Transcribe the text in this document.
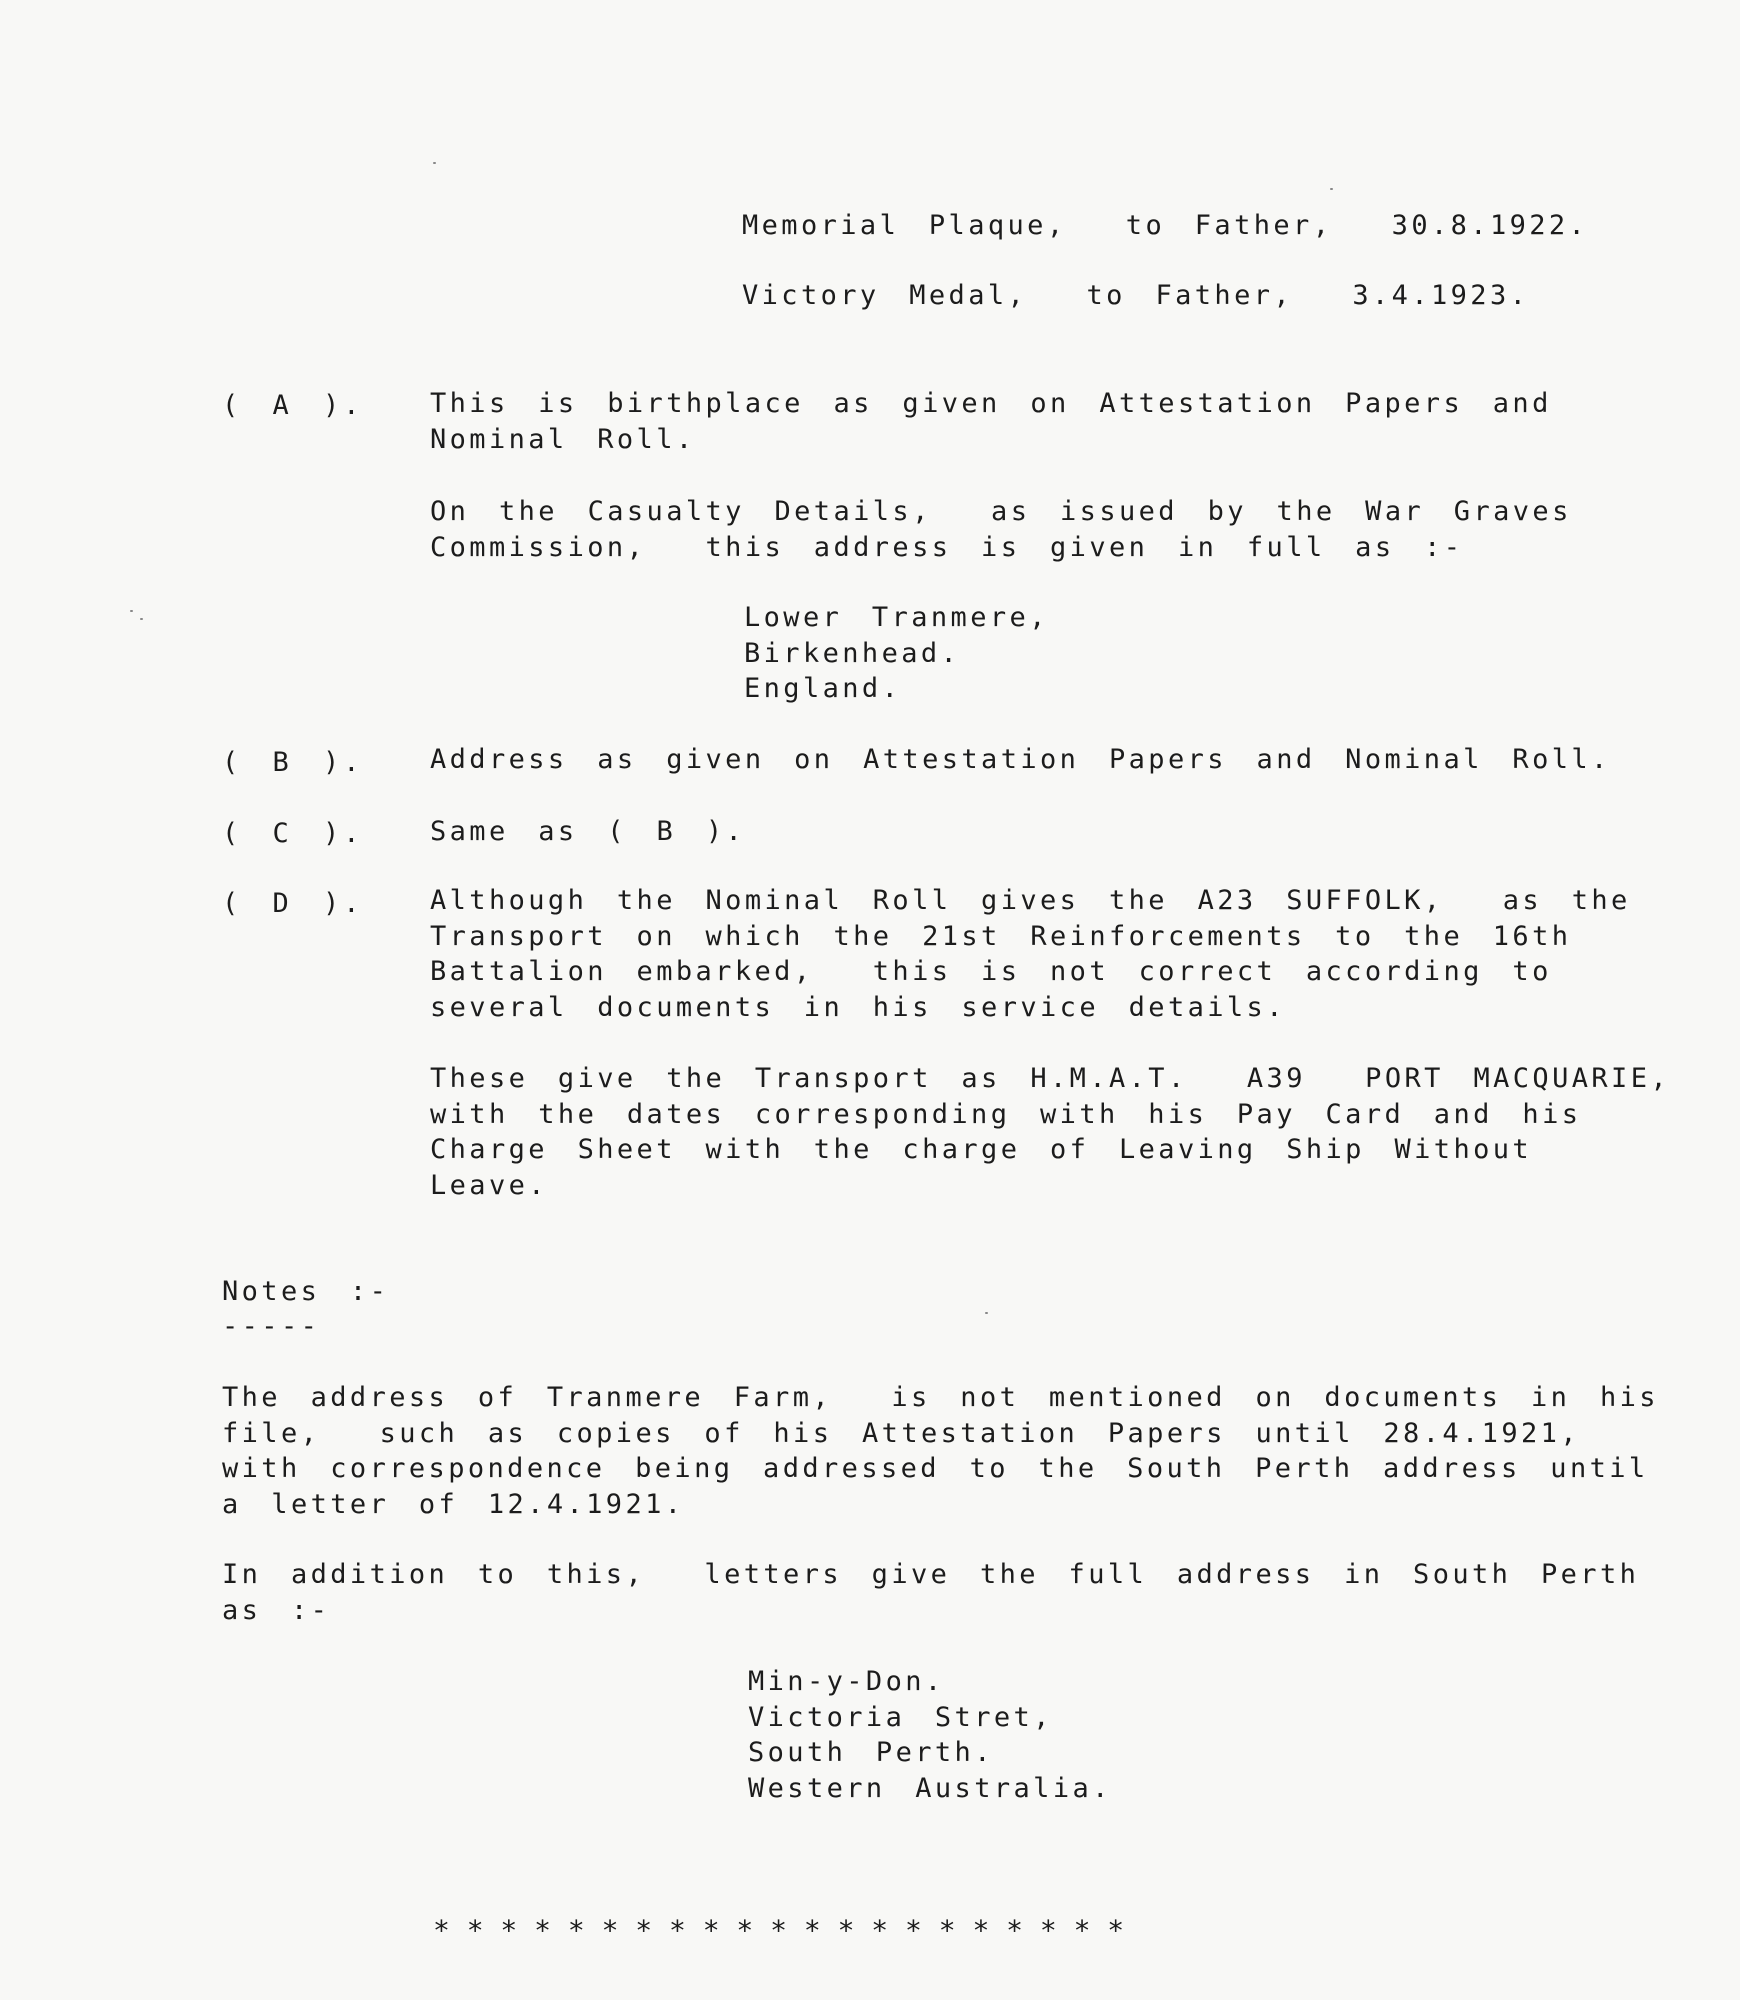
Memorial Plaque,  to Father,  30.8.1922.
Victory Medal,  to Father,  3.4.1923.
( A ). This is birthplace as given on Attestation Papers and
Nominal Roll.
On the Casualty Details,  as issued by the War Graves
Commission,  this address is given in full as :-
Lower Tranmere,
Birkenhead.
England.
( B ). Address as given on Attestation Papers and Nominal Roll.
( C ). Same as ( B ).
( D ). Although the Nominal Roll gives the A23 SUFFOLK,  as the
Transport on which the 21st Reinforcements to the 16th
Battalion embarked,  this is not correct according to
several documents in his service details.
These give the Transport as H.M.A.T.  A39  PORT MACQUARIE,
with the dates corresponding with his Pay Card and his
Charge Sheet with the charge of Leaving Ship Without
Leave.
Notes :-
-----
The address of Tranmere Farm,  is not mentioned on documents in his
file,  such as copies of his Attestation Papers until 28.4.1921,
with correspondence being addressed to the South Perth address until
a letter of 12.4.1921.
In addition to this,  letters give the full address in South Perth
as :-
Min-y-Don.
Victoria Stret,
South Perth.
Western Australia.
* * * * * * * * * * * * * * * * * * * * *
